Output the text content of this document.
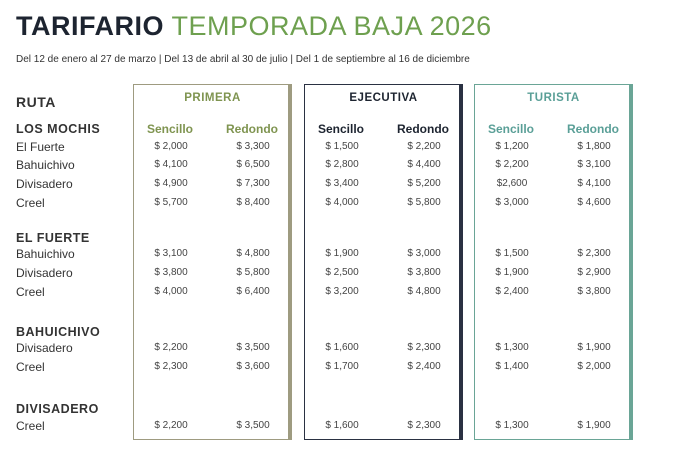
TARIFARIO TEMPORADA BAJA 2026
Del 12 de enero al 27 de marzo | Del 13 de abril al 30 de julio | Del 1 de septiembre al 16 de diciembre
RUTA	PRIMERA	EJECUTIVA	TURISTA
Sencillo	Redondo	Sencillo	Redondo	Sencillo	Redondo
LOS MOCHIS
El Fuerte	$ 2,000	$ 3,300	$ 1,500	$ 2,200	$ 1,200	$ 1,800
Bahuichivo	$ 4,100	$ 6,500	$ 2,800	$ 4,400	$ 2,200	$ 3,100
Divisadero	$ 4,900	$ 7,300	$ 3,400	$ 5,200	$2,600	$ 4,100
Creel	$ 5,700	$ 8,400	$ 4,000	$ 5,800	$ 3,000	$ 4,600
EL FUERTE
Bahuichivo	$ 3,100	$ 4,800	$ 1,900	$ 3,000	$ 1,500	$ 2,300
Divisadero	$ 3,800	$ 5,800	$ 2,500	$ 3,800	$ 1,900	$ 2,900
Creel	$ 4,000	$ 6,400	$ 3,200	$ 4,800	$ 2,400	$ 3,800
BAHUICHIVO
Divisadero	$ 2,200	$ 3,500	$ 1,600	$ 2,300	$ 1,300	$ 1,900
Creel	$ 2,300	$ 3,600	$ 1,700	$ 2,400	$ 1,400	$ 2,000
DIVISADERO
Creel	$ 2,200	$ 3,500	$ 1,600	$ 2,300	$ 1,300	$ 1,900
